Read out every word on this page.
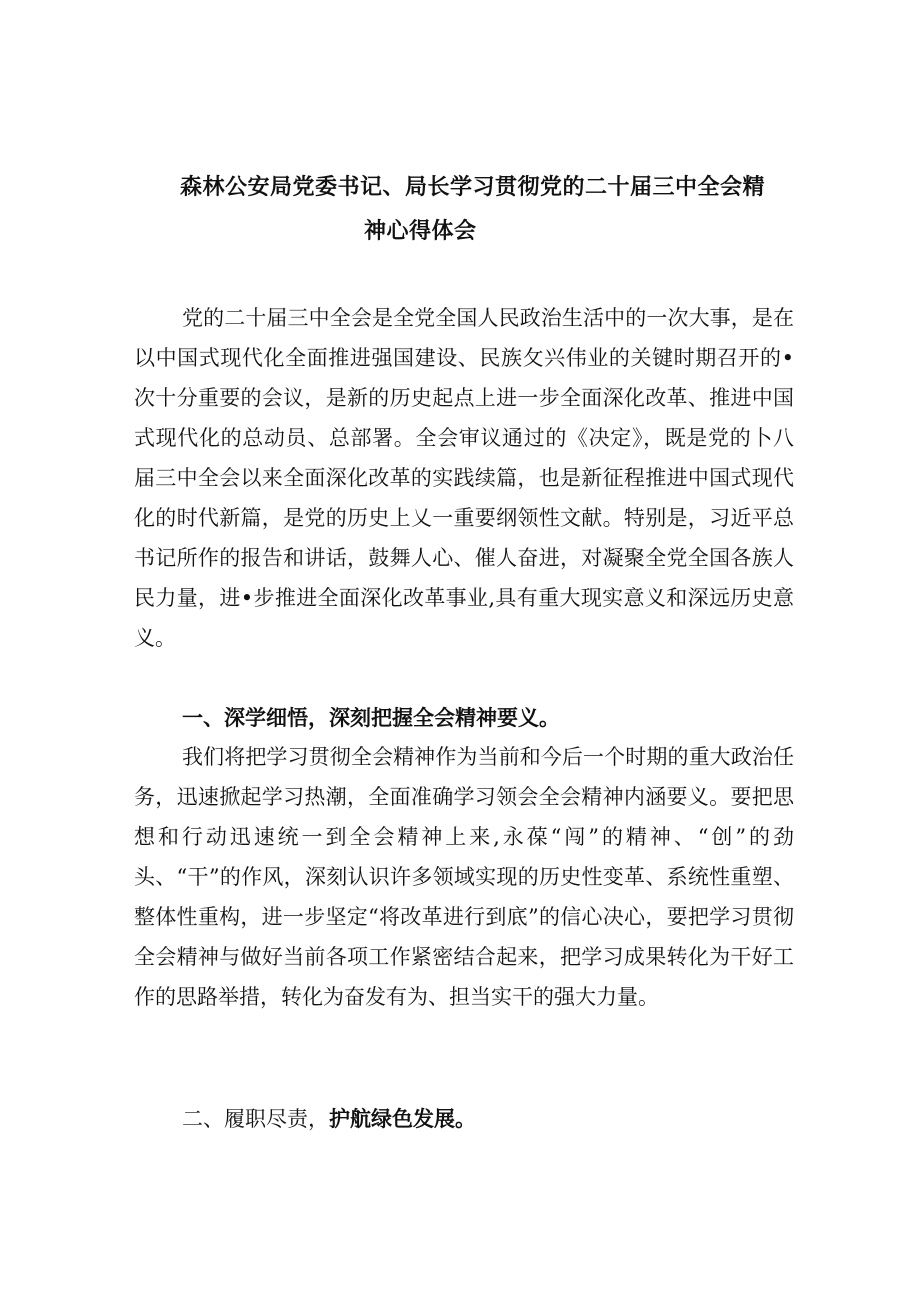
森林公安局党委书记、局长学习贯彻党的二十届三中全会精
神心得体会

党的二十届三中全会是全党全国人民政治生活中的一次大事，是在以中国式现代化全面推进强国建设、民族攵兴伟业的关键时期召开的•次十分重要的会议，是新的历史起点上进一步全面深化改革、推进中国式现代化的总动员、总部署。全会审议通过的《决定》，既是党的卜八届三中全会以来全面深化改革的实践续篇，也是新征程推进中国式现代化的时代新篇，是党的历史上乂一重要纲领性文献。特别是，习近平总书记所作的报告和讲话，鼓舞人心、催人奋进，对凝聚全党全国各族人民力量，进•步推进全面深化改革事业,具有重大现实意义和深远历史意义。

一、深学细悟，深刻把握全会精神要义。

我们将把学习贯彻全会精神作为当前和今后一个时期的重大政治任务，迅速掀起学习热潮，全面准确学习领会全会精神内涵要义。要把思想和行动迅速统一到全会精神上来,永葆“闯”的精神、“创”的劲头、“干”的作风，深刻认识许多领域实现的历史性变革、系统性重塑、整体性重构，进一步坚定“将改革进行到底”的信心决心，要把学习贯彻全会精神与做好当前各项工作紧密结合起来，把学习成果转化为干好工作的思路举措，转化为奋发有为、担当实干的强大力量。

二、履职尽责，护航绿色发展。
